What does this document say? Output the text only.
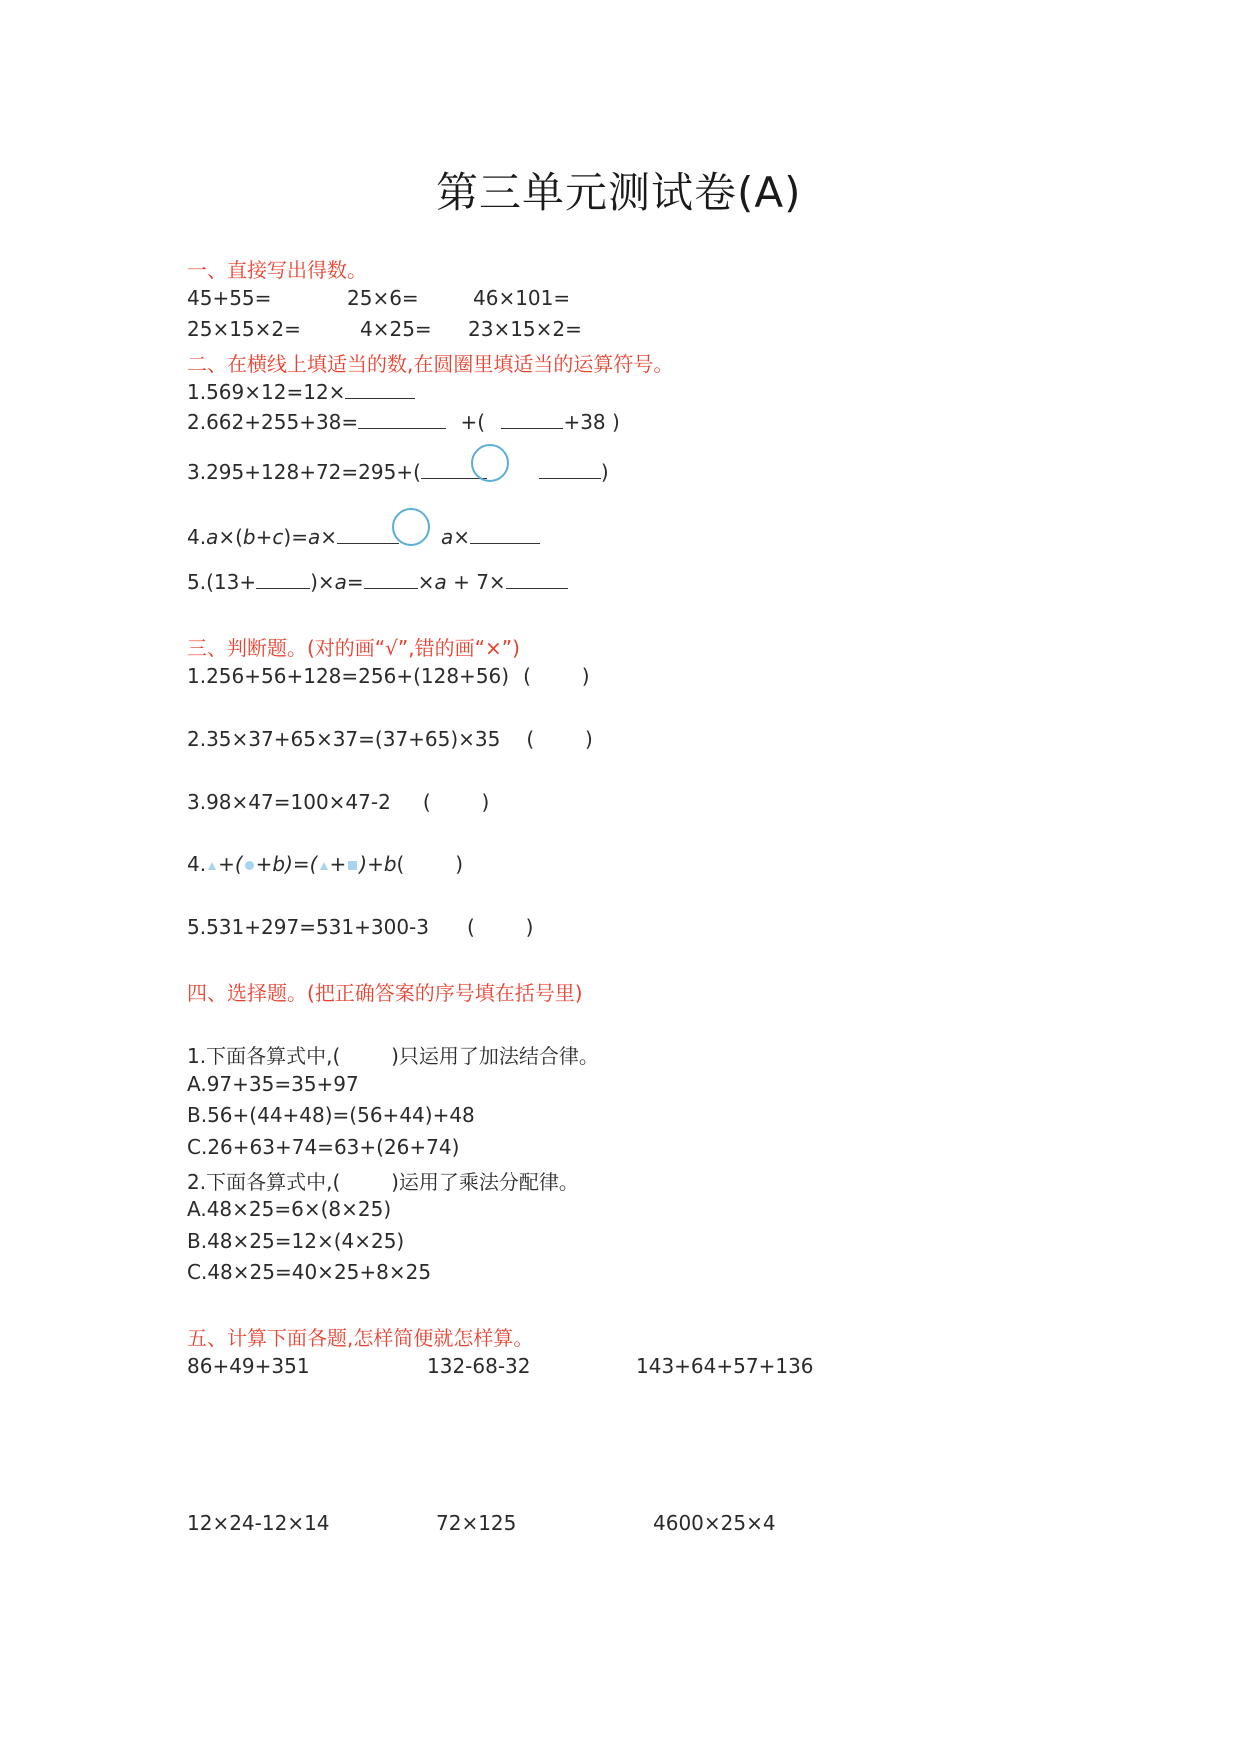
第三单元测试卷(A)
一、直接写出得数。
45+55=	25×6=	46×101=
25×15×2=	4×25= 23×15×2=
二、在横线上填适当的数,在圆圈里填适当的运算符号。
1.569×12=12×
2.662+255+38=	+(	+38 )
3.295+128+72=295+(	)
4.a×(b+c)=a×	a×
5.(13+	)×a=	×a + 7×
三、判断题。(对的画“√”,错的画“×”)
1.256+56+128=256+(128+56) (        )
2.35×37+65×37=(37+65)×35 (        )
3.98×47=100×47-2 (        )
4. +( +b)=( + )+b(        )
5.531+297=531+300-3 (        )
四、选择题。(把正确答案的序号填在括号里)
1.下面各算式中,(        )只运用了加法结合律。
A.97+35=35+97
B.56+(44+48)=(56+44)+48
C.26+63+74=63+(26+74)
2.下面各算式中,(        )运用了乘法分配律。
A.48×25=6×(8×25)
B.48×25=12×(4×25)
C.48×25=40×25+8×25
五、计算下面各题,怎样简便就怎样算。
86+49+351	132-68-32	143+64+57+136
12×24-12×14	72×125	4600×25×4
